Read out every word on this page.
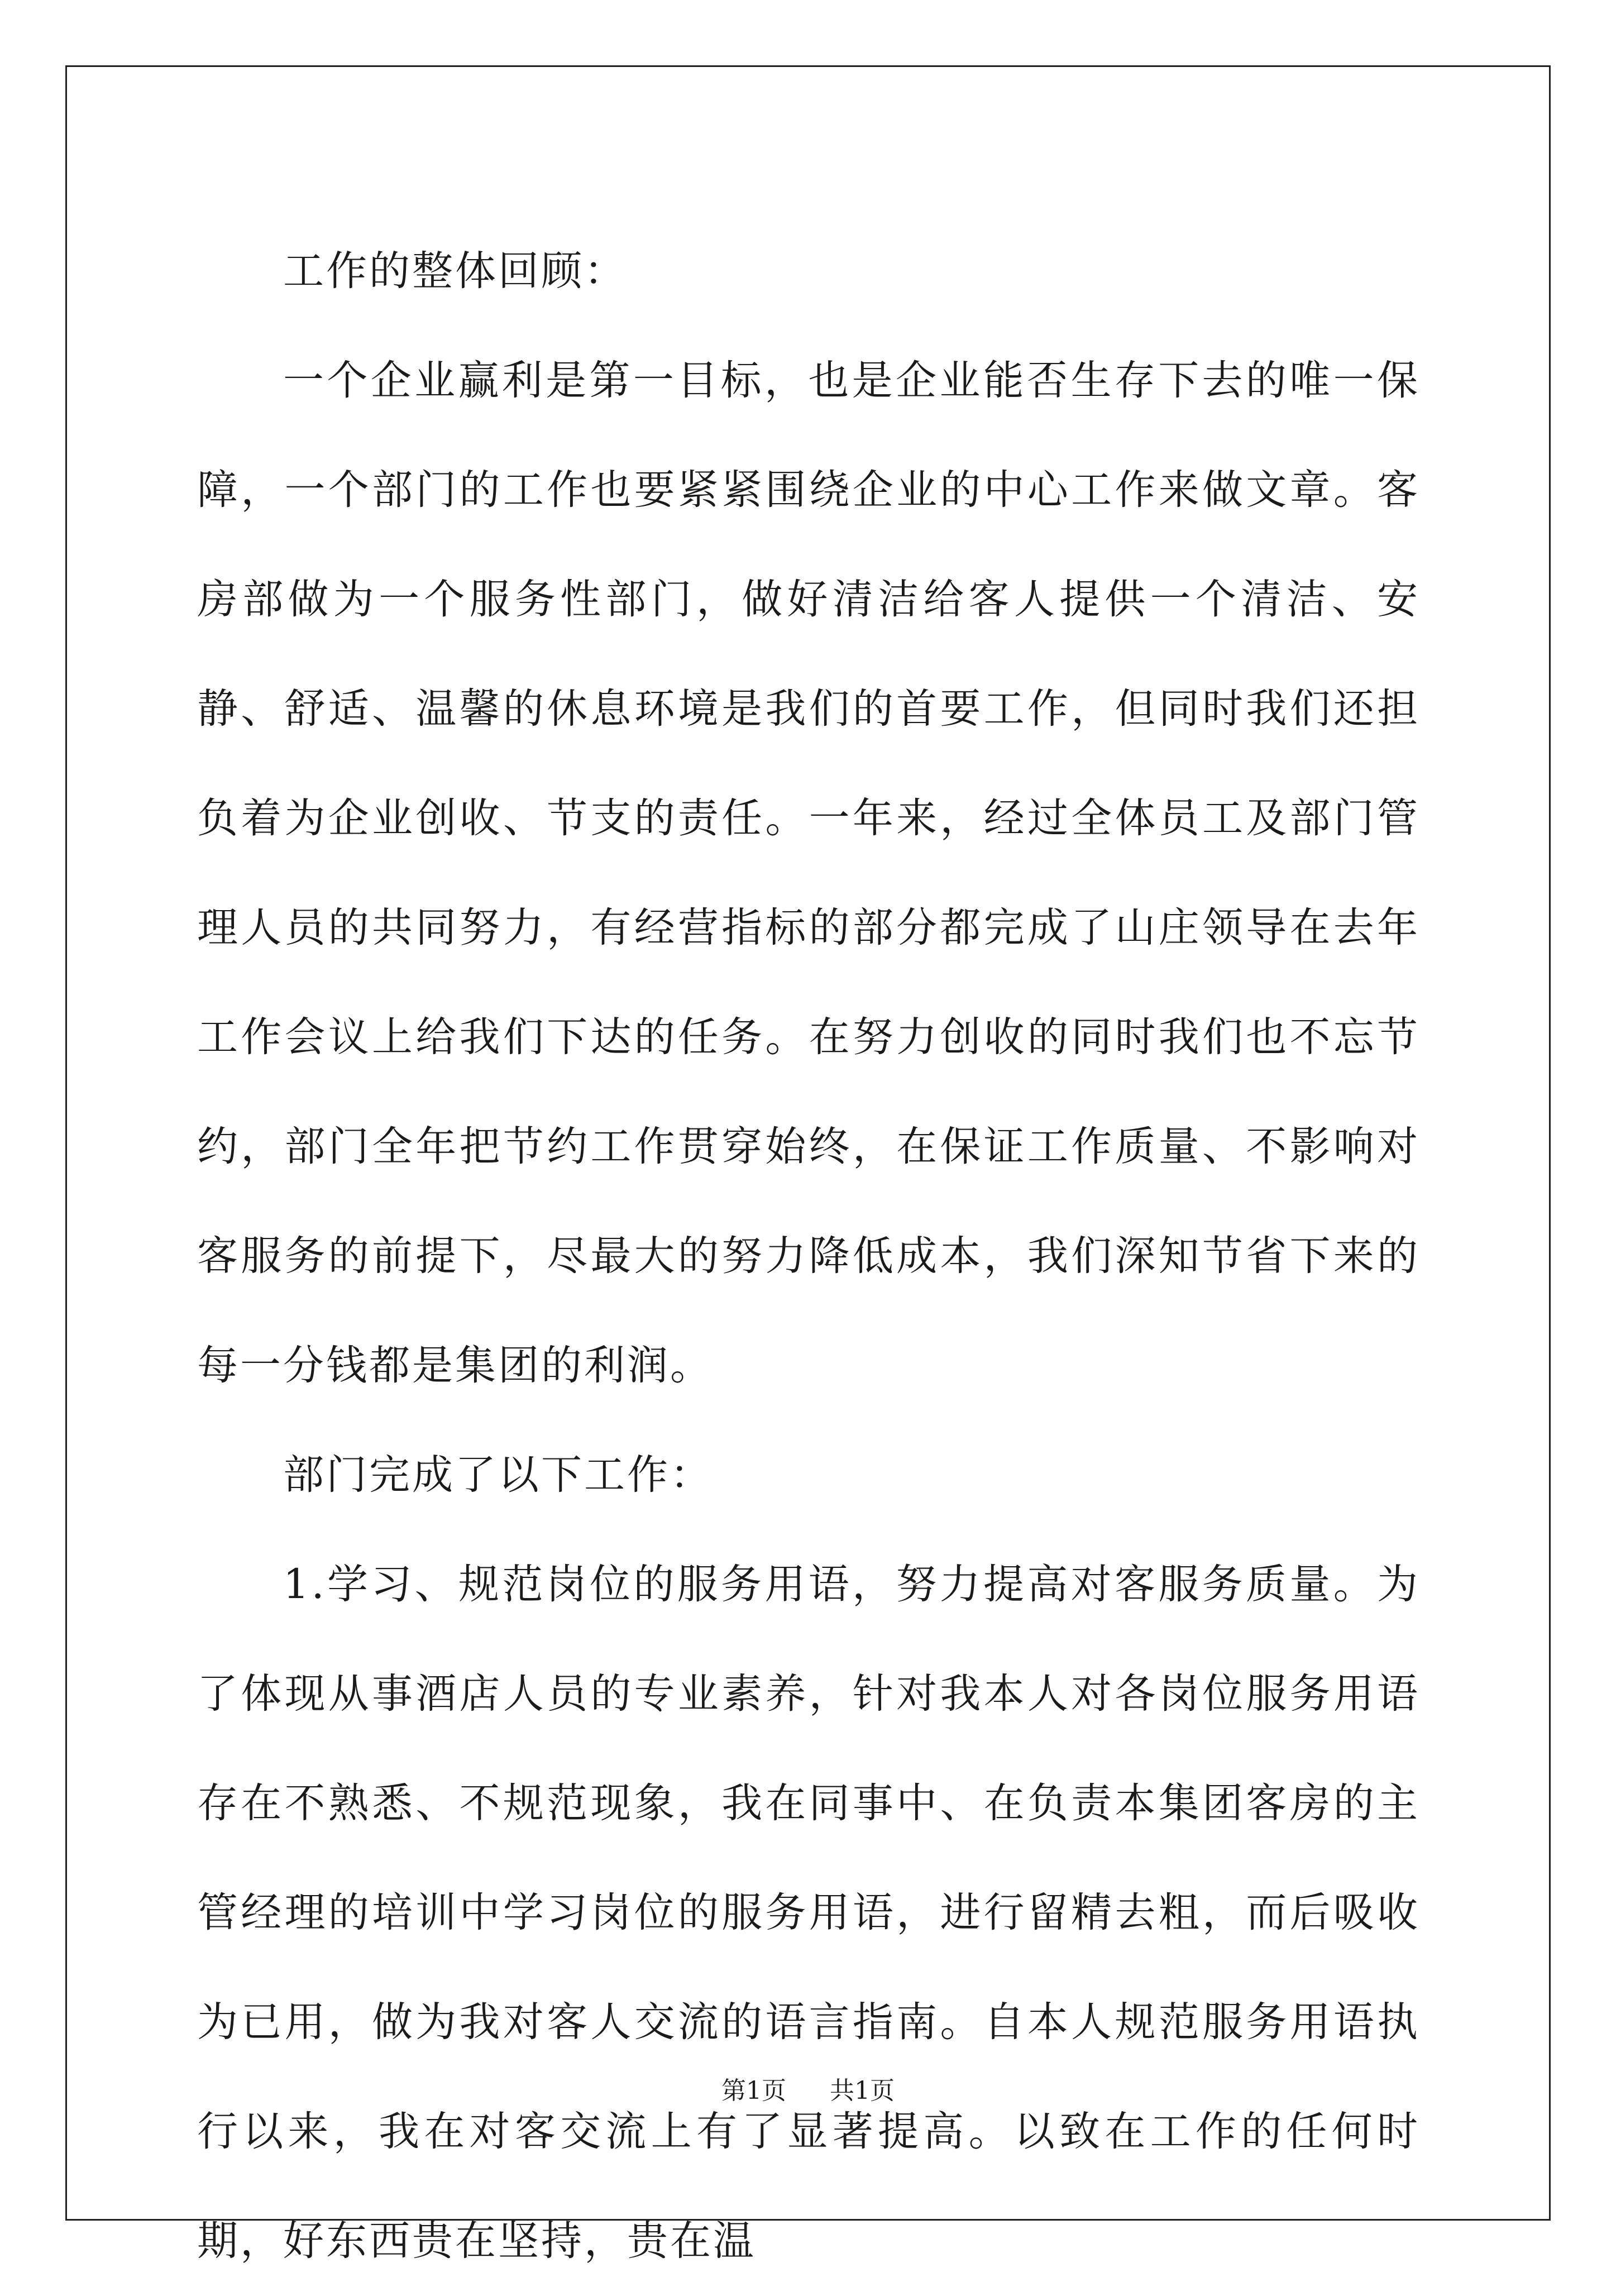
工作的整体回顾：

一个企业赢利是第一目标，也是企业能否生存下去的唯一保障，一个部门的工作也要紧紧围绕企业的中心工作来做文章。客房部做为一个服务性部门，做好清洁给客人提供一个清洁、安静、舒适、温馨的休息环境是我们的首要工作，但同时我们还担负着为企业创收、节支的责任。一年来，经过全体员工及部门管理人员的共同努力，有经营指标的部分都完成了山庄领导在去年工作会议上给我们下达的任务。在努力创收的同时我们也不忘节约，部门全年把节约工作贯穿始终，在保证工作质量、不影响对客服务的前提下，尽最大的努力降低成本，我们深知节省下来的每一分钱都是集团的利润。

部门完成了以下工作：

1.学习、规范岗位的服务用语，努力提高对客服务质量。为了体现从事酒店人员的专业素养，针对我本人对各岗位服务用语存在不熟悉、不规范现象，我在同事中、在负责本集团客房的主管经理的培训中学习岗位的服务用语，进行留精去粗，而后吸收为已用，做为我对客人交流的语言指南。自本人规范服务用语执行以来，我在对客交流上有了显著提高。以致在工作的任何时期，好东西贵在坚持，贵在温

第1页 共1页
